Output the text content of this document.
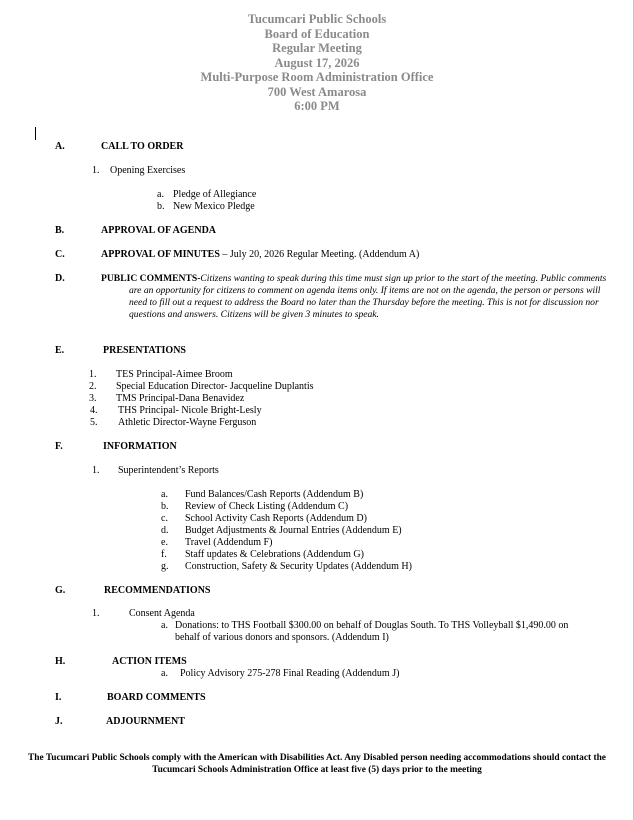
Tucumcari Public Schools
Board of Education
Regular Meeting
August 17, 2026
Multi-Purpose Room Administration Office
700 West Amarosa
6:00 PM
A.	CALL TO ORDER
1. Opening Exercises
a. Pledge of Allegiance
b. New Mexico Pledge
B.	APPROVAL OF AGENDA
C.	APPROVAL OF MINUTES – July 20, 2026 Regular Meeting. (Addendum A)
D.	PUBLIC COMMENTS-Citizens wanting to speak during this time must sign up prior to the start of the meeting. Public comments are an opportunity for citizens to comment on agenda items only. If items are not on the agenda, the person or persons will need to fill out a request to address the Board no later than the Thursday before the meeting. This is not for discussion nor questions and answers. Citizens will be given 3 minutes to speak.
E.	PRESENTATIONS
1. TES Principal-Aimee Broom
2. Special Education Director- Jacqueline Duplantis
3. TMS Principal-Dana Benavidez
4. THS Principal- Nicole Bright-Lesly
5. Athletic Director-Wayne Ferguson
F.	INFORMATION
1. Superintendent’s Reports
a. Fund Balances/Cash Reports (Addendum B)
b. Review of Check Listing (Addendum C)
c. School Activity Cash Reports (Addendum D)
d. Budget Adjustments & Journal Entries (Addendum E)
e. Travel (Addendum F)
f. Staff updates & Celebrations (Addendum G)
g. Construction, Safety & Security Updates (Addendum H)
G.	RECOMMENDATIONS
1.	Consent Agenda
a. Donations: to THS Football $300.00 on behalf of Douglas South. To THS Volleyball $1,490.00 on behalf of various donors and sponsors. (Addendum I)
H.	ACTION ITEMS
a. Policy Advisory 275-278 Final Reading (Addendum J)
I.	BOARD COMMENTS
J.	ADJOURNMENT
The Tucumcari Public Schools comply with the American with Disabilities Act. Any Disabled person needing accommodations should contact the Tucumcari Schools Administration Office at least five (5) days prior to the meeting
